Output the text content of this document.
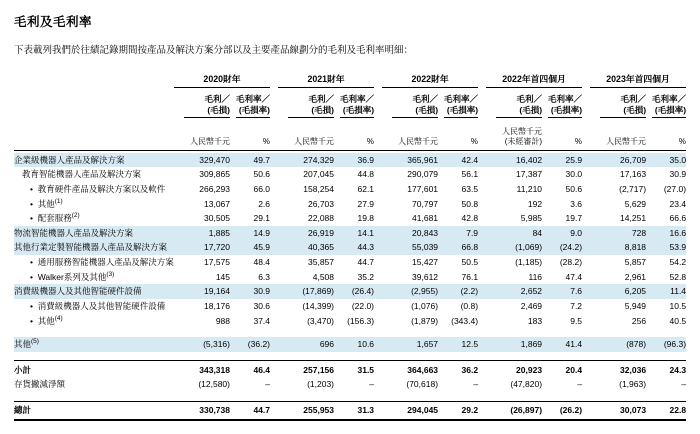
毛利及毛利率
下表載列我們於往績記錄期間按產品及解決方案分部以及主要產品線劃分的毛利及毛利率明細：

	2020財年			2021財年			2022財年			2022年首四個月			2023年首四個月	

	毛利／
(毛損)	毛利率／
(毛損率)		毛利／
(毛損)	毛利率／
(毛損率)		毛利／
(毛損)	毛利率／
(毛損率)		毛利／
(毛損)	毛利率／
(毛損率)		毛利／
(毛損)	毛利率／
(毛損率)

	人民幣千元	%		人民幣千元	%		人民幣千元	%		人民幣千元
(未經審計)	%		人民幣千元	%

企業級機器人產品及解決方案	329,470	49.7		274,329	36.9		365,961	42.4		16,402	25.9		26,709	35.0
教育智能機器人產品及解決方案	309,865	50.6		207,045	44.8		290,079	56.1		17,387	30.0		17,163	30.9
•  教育硬件產品及解決方案以及軟件	266,293	66.0		158,254	62.1		177,601	63.5		11,210	50.6		(2,717)	(27.0)
•  其他$^{(1)}$	13,067	2.6		26,703	27.9		70,797	50.8		192	3.6		5,629	23.4
•  配套服務$^{(2)}$	30,505	29.1		22,088	19.8		41,681	42.8		5,985	19.7		14,251	66.6
物流智能機器人產品及解決方案	1,885	14.9		26,919	14.1		20,843	7.9		84	9.0		728	16.6
其他行業定製智能機器人產品及解決方案	17,720	45.9		40,365	44.3		55,039	66.8		(1,069)	(24.2)		8,818	53.9
•  通用服務智能機器人產品及解決方案	17,575	48.4		35,857	44.7		15,427	50.5		(1,185)	(28.2)		5,857	54.2
•  Walker系列及其他$^{(3)}$	145	6.3		4,508	35.2		39,612	76.1		116	47.4		2,961	52.8
消費級機器人及其他智能硬件設備	19,164	30.9		(17,869)	(26.4)		(2,955)	(2.2)		2,652	7.6		6,205	11.4
•  消費級機器人及其他智能硬件設備	18,176	30.6		(14,399)	(22.0)		(1,076)	(0.8)		2,469	7.2		5,949	10.5
•  其他$^{(4)}$	988	37.4		(3,470)	(156.3)		(1,879)	(343.4)		183	9.5		256	40.5

其他$^{(5)}$	(5,316)	(36.2)		696	10.6		1,657	12.5		1,869	41.4		(878)	(96.3)

小計	343,318	46.4		257,156	31.5		364,663	36.2		20,923	20.4		32,036	24.3
存貨撇減淨額	(12,580)	–		(1,203)	–		(70,618)	–		(47,820)	–		(1,963)	–

總計	330,738	44.7		255,953	31.3		294,045	29.2		(26,897)	(26.2)		30,073	22.8
